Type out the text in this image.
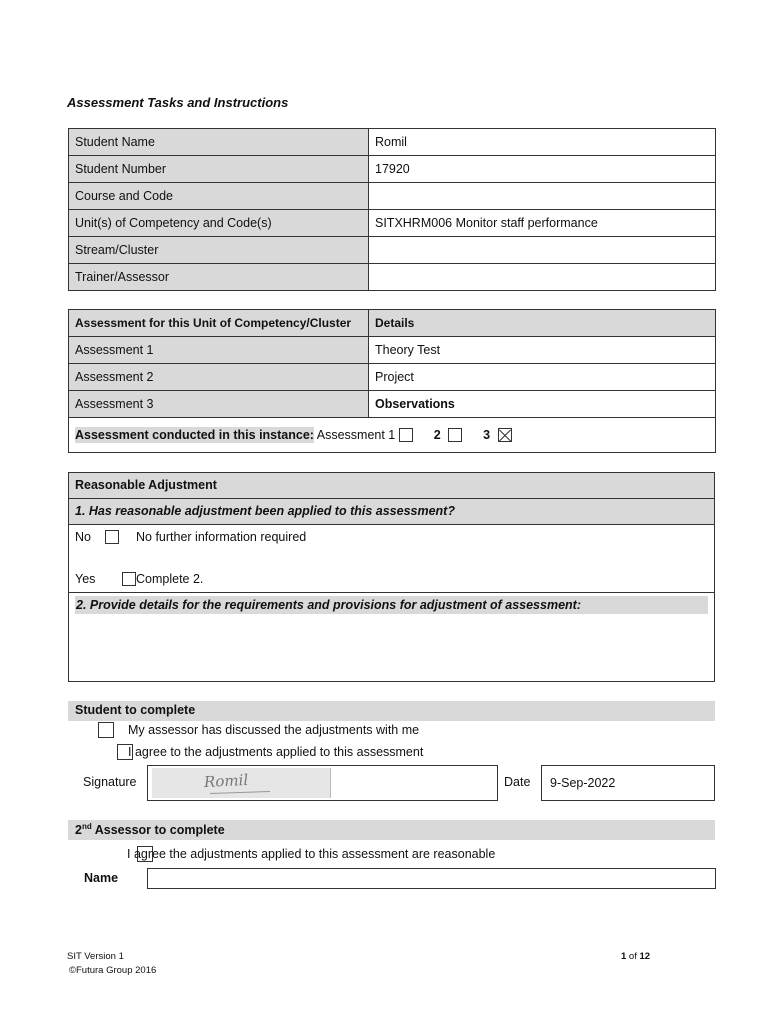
Assessment Tasks and Instructions
Student Name	Romil
Student Number	17920
Course and Code	
Unit(s) of Competency and Code(s)	SITXHRM006 Monitor staff performance
Stream/Cluster	
Trainer/Assessor	
Assessment for this Unit of Competency/Cluster	Details
Assessment 1	Theory Test
Assessment 2	Project
Assessment 3	Observations
Assessment conducted in this instance: Assessment 1 2 3	
Reasonable Adjustment
1. Has reasonable adjustment been applied to this assessment?
No
	No further information required
Yes	Complete 2.
2. Provide details for the requirements and provisions for adjustment of assessment:
Student to complete

My assessor has discussed the adjustments with me

I agree to the adjustments applied to this assessment
Signature	Romil	Date	9-Sep-2022
2nd Assessor to complete
I agree the adjustments applied to this assessment are reasonable
Name
SIT Version 1
©Futura Group 2016
1 of 12
